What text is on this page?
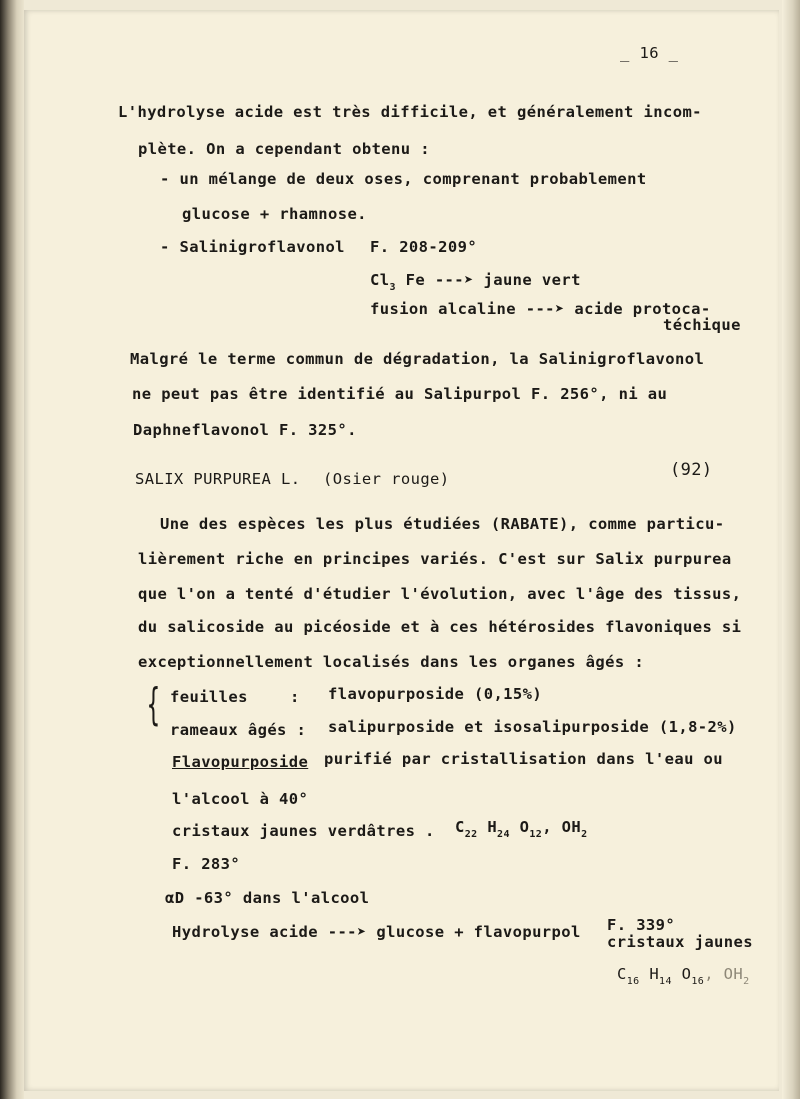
_ 16 _
L'hydrolyse acide est très difficile, et généralement incom-
plète. On a cependant obtenu :
- un mélange de deux oses, comprenant probablement
glucose + rhamnose.
- Salinigroflavonol F. 208-209°
$Cl_3$ Fe ---➤ jaune vert
fusion alcaline ---➤ acide protoca-
téchique
Malgré le terme commun de dégradation, la Salinigroflavonol
ne peut pas être identifié au Salipurpol F. 256°, ni au
Daphneflavonol F. 325°.
SALIX PURPUREA L. (Osier rouge)	(92)
Une des espèces les plus étudiées (RABATE), comme particu-
lièrement riche en principes variés. C'est sur Salix purpurea
que l'on a tenté d'étudier l'évolution, avec l'âge des tissus,
du salicoside au picéoside et à ces hétérosides flavoniques si
exceptionnellement localisés dans les organes âgés :
{ feuilles	: flavopurposide (0,15%)
rameaux âgés : salipurposide et isosalipurposide (1,8-2%)
Flavopurposide purifié par cristallisation dans l'eau ou
l'alcool à 40°
cristaux jaunes verdâtres . $C_{22}$ $H_{24}$ $O_{12}$, $OH_2$
F. 283°
αD -63° dans l'alcool
Hydrolyse acide ---➤ glucose + flavopurpol F. 339°
cristaux jaunes
$C_{16}$ $H_{14}$ $O_{16}$, $OH_2$
